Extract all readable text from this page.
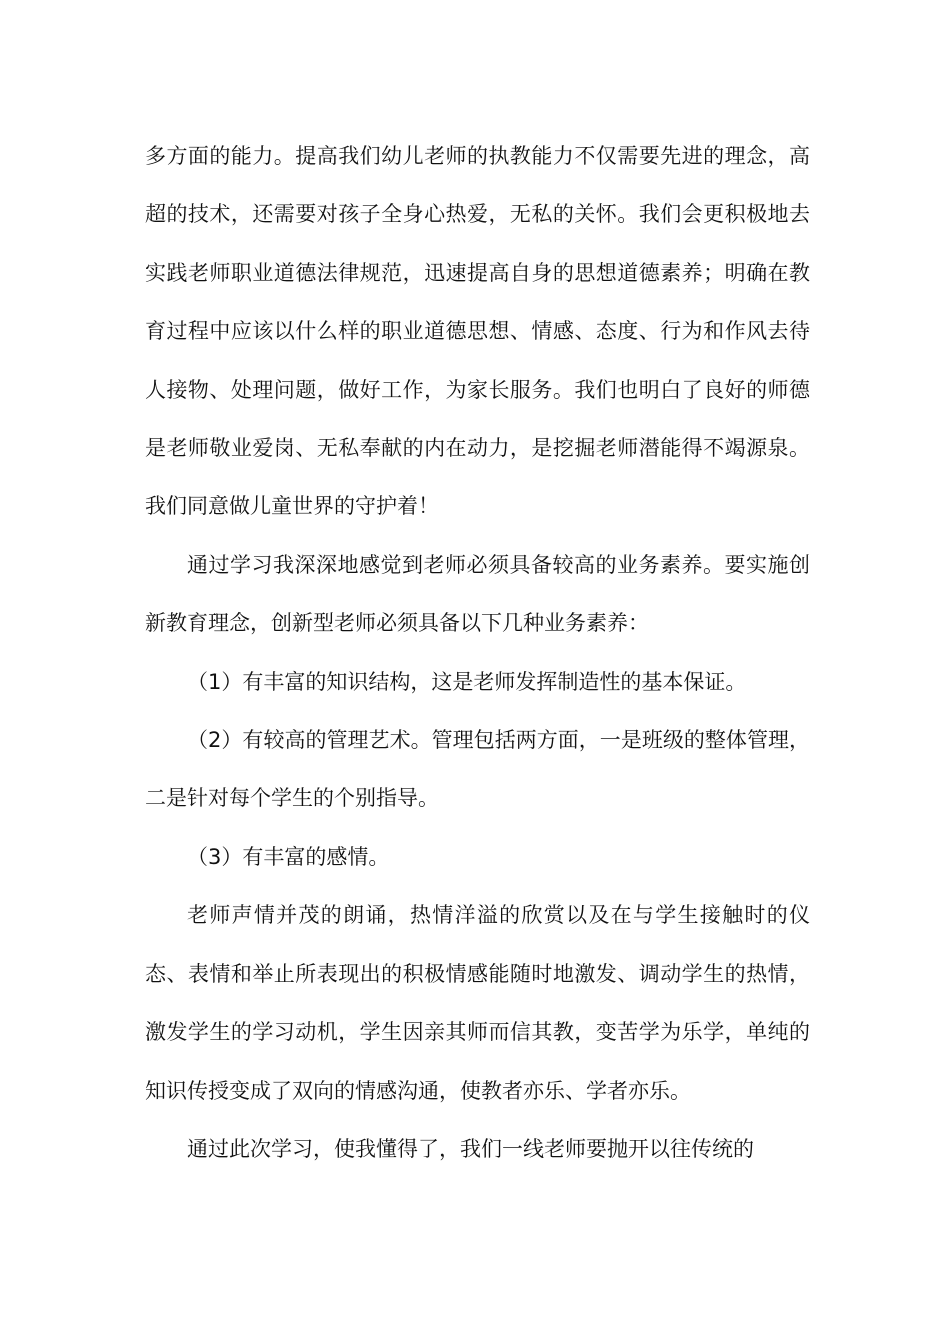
多方面的能力。提高我们幼儿老师的执教能力不仅需要先进的理念，高超的技术，还需要对孩子全身心热爱，无私的关怀。我们会更积极地去实践老师职业道德法律规范，迅速提高自身的思想道德素养；明确在教育过程中应该以什么样的职业道德思想、情感、态度、行为和作风去待人接物、处理问题，做好工作，为家长服务。我们也明白了良好的师德是老师敬业爱岗、无私奉献的内在动力，是挖掘老师潜能得不竭源泉。我们同意做儿童世界的守护着！

通过学习我深深地感觉到老师必须具备较高的业务素养。要实施创新教育理念，创新型老师必须具备以下几种业务素养：

（1）有丰富的知识结构，这是老师发挥制造性的基本保证。

（2）有较高的管理艺术。管理包括两方面，一是班级的整体管理，二是针对每个学生的个别指导。

（3）有丰富的感情。

老师声情并茂的朗诵，热情洋溢的欣赏以及在与学生接触时的仪态、表情和举止所表现出的积极情感能随时地激发、调动学生的热情，激发学生的学习动机，学生因亲其师而信其教，变苦学为乐学，单纯的知识传授变成了双向的情感沟通，使教者亦乐、学者亦乐。

通过此次学习，使我懂得了，我们一线老师要抛开以往传统的
